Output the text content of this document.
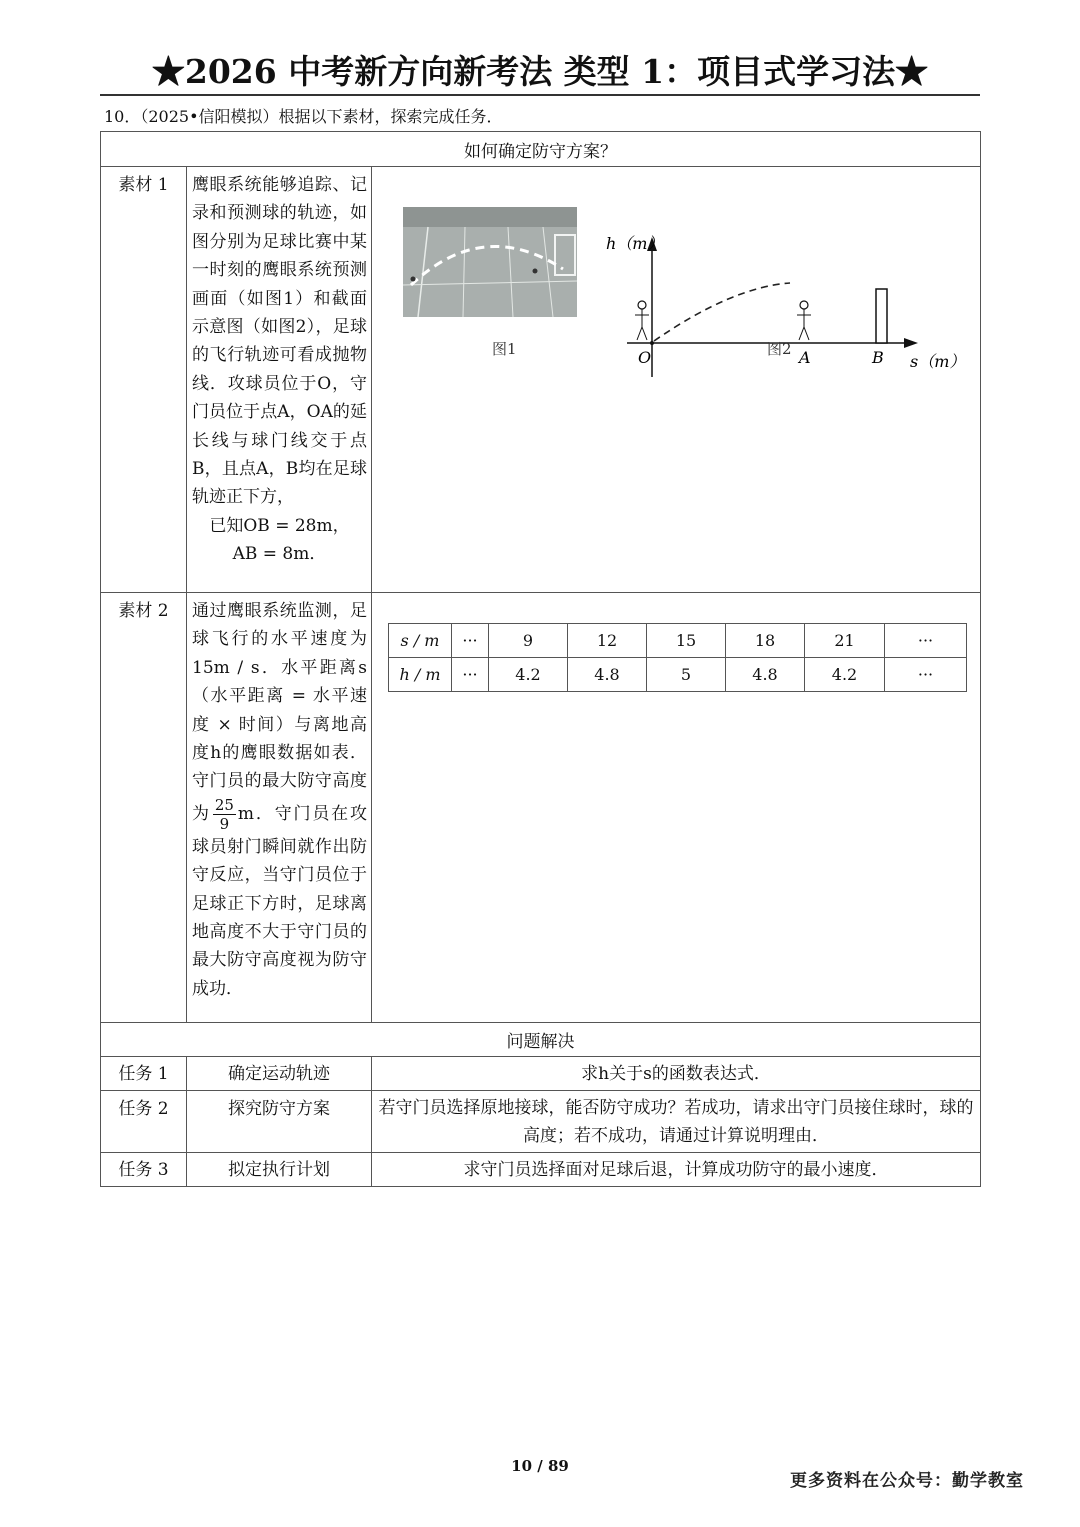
★2026 中考新方向新考法 类型 1：项目式学习法★
10．（2025•信阳模拟）根据以下素材，探索完成任务．
如何确定防守方案？
素材 1	鹰眼系统能够追踪、记录和预测球的轨迹，如图分别为足球比赛中某一时刻的鹰眼系统预测画面（如图1）和截面示意图（如图2），足球的飞行轨迹可看成抛物线．攻球员位于O，守门员位于点A，OA的延长线与球门线交于点B，且点A，B均在足球轨迹正下方，
已知OB = 28m，
AB = 8m．

图1
h（m）
s（m）
O	A	B
图2

素材 2	通过鹰眼系统监测，足球飞行的水平速度为15m / s．水平距离s（水平距离 = 水平速度 × 时间）与离地高度h的鹰眼数据如表．守门员的最大防守高度为 $\frac{25}{9}$ m．守门员在攻球员射门瞬间就作出防守反应，当守门员位于足球正下方时，足球离地高度不大于守门员的最大防守高度视为防守成功．	
s / m	···	9	12	15	18	21	···
h / m	···	4.2	4.8	5	4.8	4.2	···

问题解决
任务 1	确定运动轨迹	求h关于s的函数表达式．
任务 2	探究防守方案	若守门员选择原地接球，能否防守成功？若成功，请求出守门员接住球时，球的高度；若不成功，请通过计算说明理由．
任务 3	拟定执行计划	求守门员选择面对足球后退，计算成功防守的最小速度．
10 / 89
更多资料在公众号：勤学教室
